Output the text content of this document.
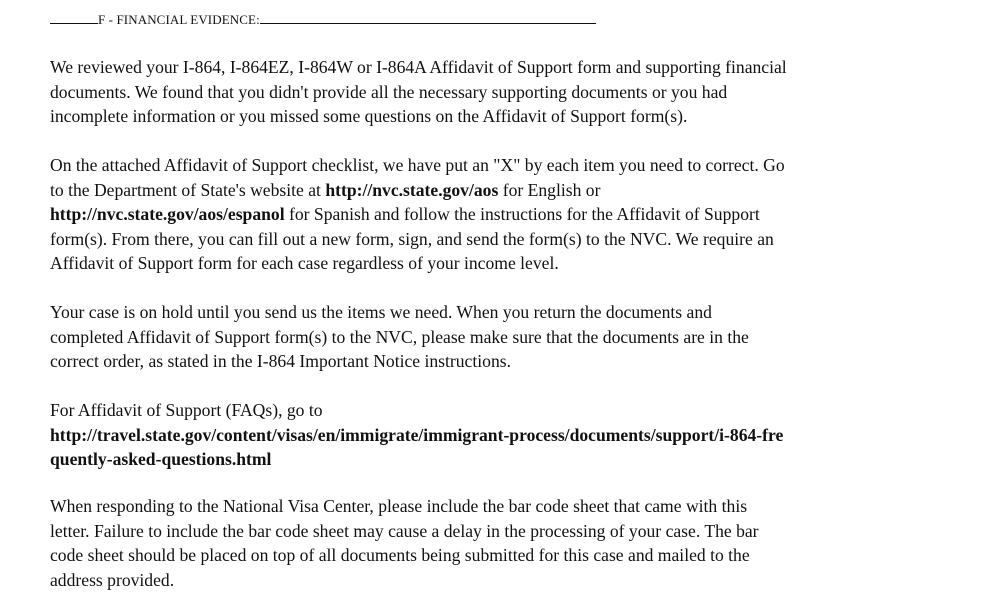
F - FINANCIAL EVIDENCE:

We reviewed your I-864, I-864EZ, I-864W or I-864A Affidavit of Support form and supporting financial
documents. We found that you didn't provide all the necessary supporting documents or you had
incomplete information or you missed some questions on the Affidavit of Support form(s).

On the attached Affidavit of Support checklist, we have put an "X" by each item you need to correct. Go
to the Department of State's website at http://nvc.state.gov/aos for English or
http://nvc.state.gov/aos/espanol for Spanish and follow the instructions for the Affidavit of Support
form(s). From there, you can fill out a new form, sign, and send the form(s) to the NVC. We require an
Affidavit of Support form for each case regardless of your income level.

Your case is on hold until you send us the items we need. When you return the documents and
completed Affidavit of Support form(s) to the NVC, please make sure that the documents are in the
correct order, as stated in the I-864 Important Notice instructions.

For Affidavit of Support (FAQs), go to
http://travel.state.gov/content/visas/en/immigrate/immigrant-process/documents/support/i-864-fre
quently-asked-questions.html

When responding to the National Visa Center, please include the bar code sheet that came with this
letter. Failure to include the bar code sheet may cause a delay in the processing of your case. The bar
code sheet should be placed on top of all documents being submitted for this case and mailed to the
address provided.
